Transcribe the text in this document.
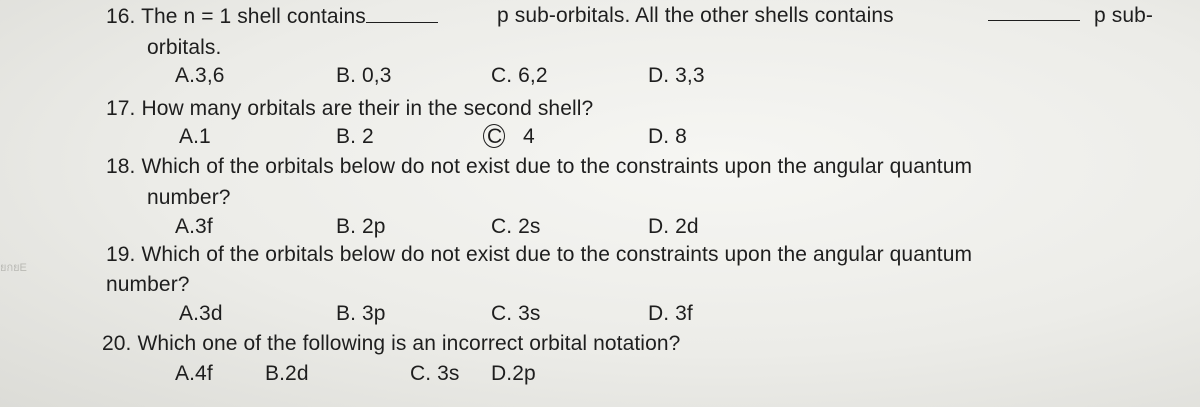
16. The n = 1 shell contains	p sub-orbitals. All the other shells contains	p sub-
orbitals.
A.3,6	B. 0,3	C. 6,2	D. 3,3
17. How many orbitals are their in the second shell?
A.1	B. 2	C 4	D. 8
18. Which of the orbitals below do not exist due to the constraints upon the angular quantum
number?
A.3f	B. 2p	C. 2s	D. 2d
ยกยE
19. Which of the orbitals below do not exist due to the constraints upon the angular quantum
number?
A.3d	B. 3p	C. 3s	D. 3f
20. Which one of the following is an incorrect orbital notation?
A.4f B.2d	C. 3s D.2p
